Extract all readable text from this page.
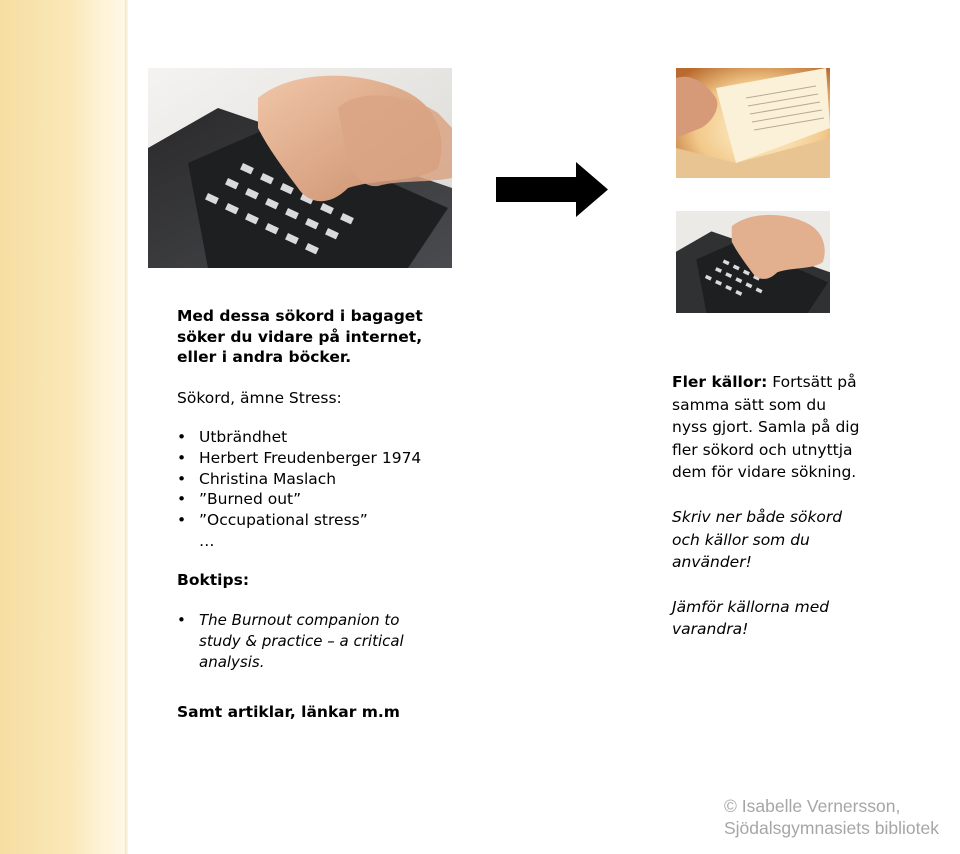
Med dessa sökord i bagaget söker du vidare på internet, eller i andra böcker.

Sökord, ämne Stress:

• Utbrändhet
• Herbert Freudenberger 1974
• Christina Maslach
• ”Burned out”
• ”Occupational stress”
…

Boktips:

• The Burnout companion to study & practice – a critical analysis.
Samt artiklar, länkar m.m

Fler källor: Fortsätt på samma sätt som du nyss gjort. Samla på dig fler sökord och utnyttja dem för vidare sökning.

Skriv ner både sökord och källor som du använder!

Jämför källorna med varandra!

© Isabelle Vernersson,
Sjödalsgymnasiets bibliotek
